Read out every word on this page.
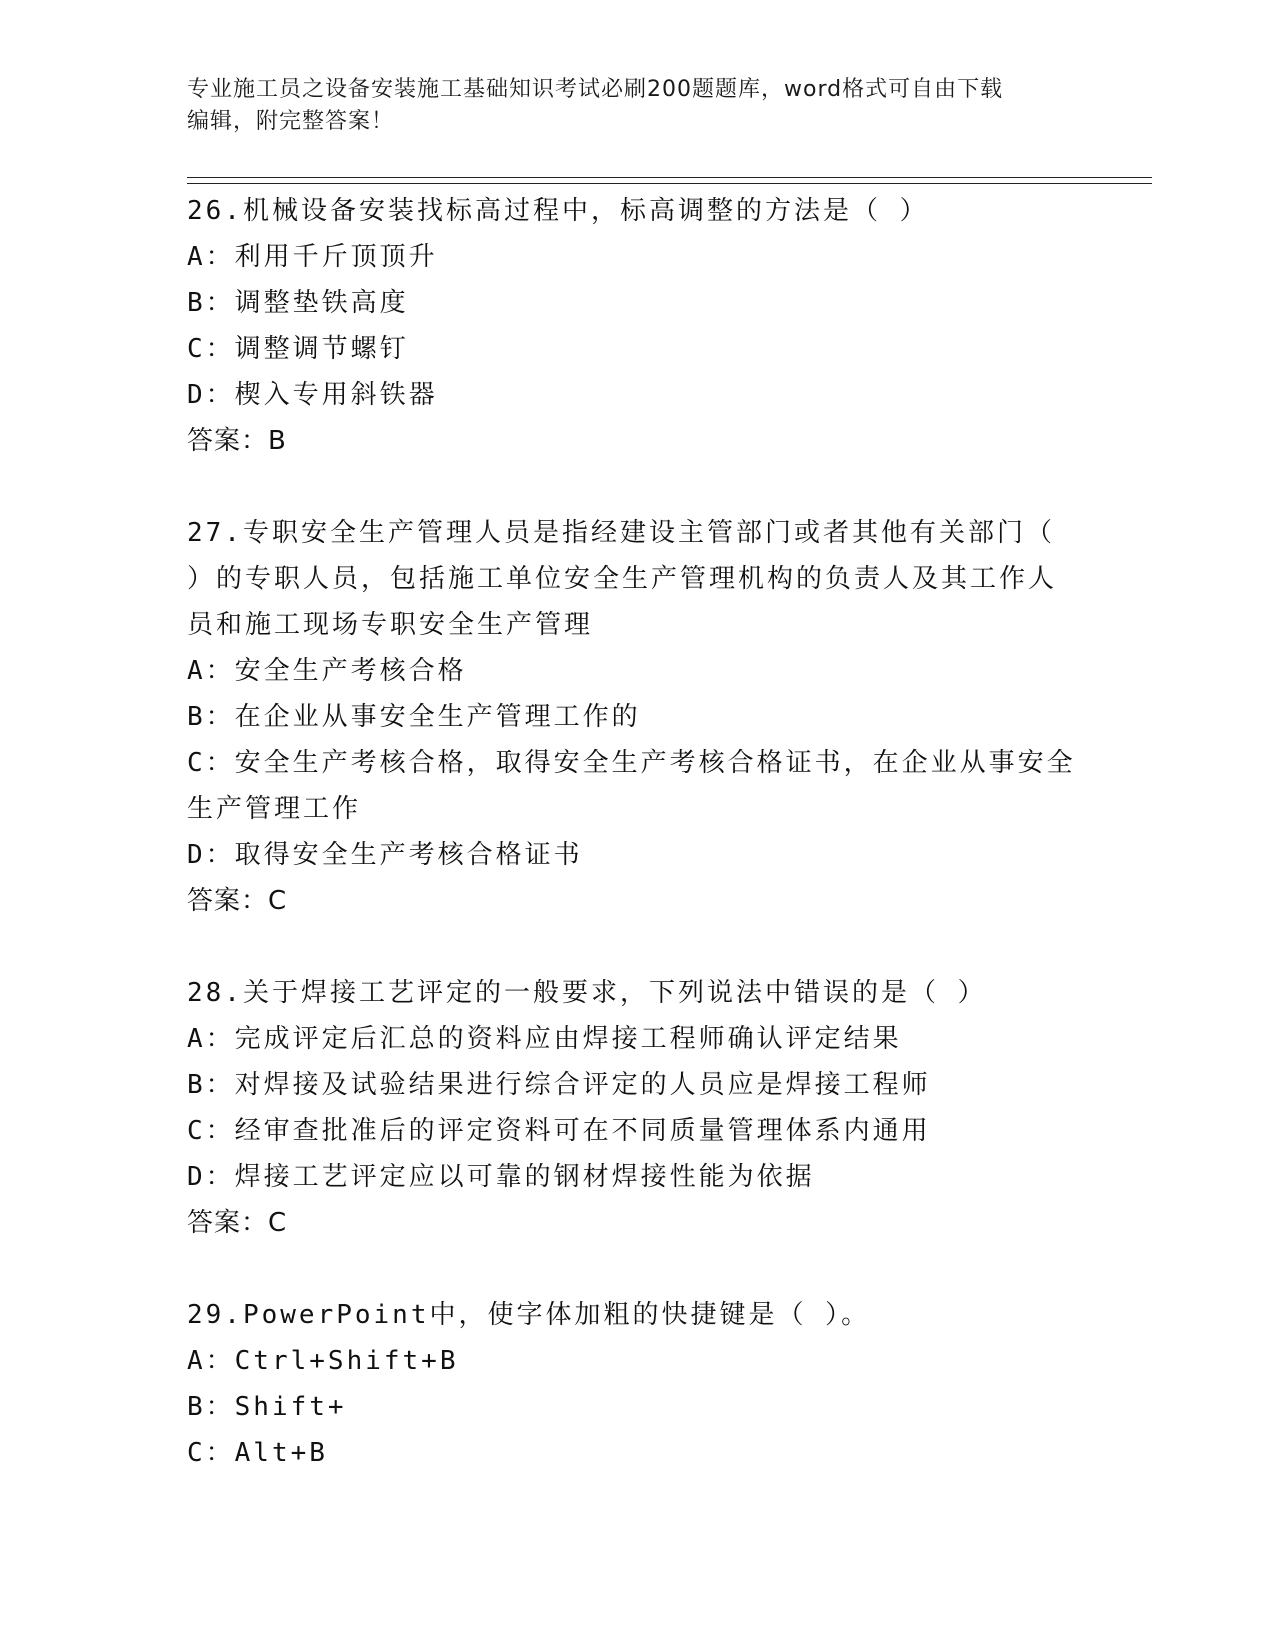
专业施工员之设备安装施工基础知识考试必刷200题题库，word格式可自由下载
编辑，附完整答案！
26.机械设备安装找标高过程中，标高调整的方法是（ ）
A：利用千斤顶顶升
B：调整垫铁高度
C：调整调节螺钉
D：楔入专用斜铁器
答案：B
27.专职安全生产管理人员是指经建设主管部门或者其他有关部门（
）的专职人员，包括施工单位安全生产管理机构的负责人及其工作人
员和施工现场专职安全生产管理
A：安全生产考核合格
B：在企业从事安全生产管理工作的
C：安全生产考核合格，取得安全生产考核合格证书，在企业从事安全
生产管理工作
D：取得安全生产考核合格证书
答案：C
28.关于焊接工艺评定的一般要求，下列说法中错误的是（ ）
A：完成评定后汇总的资料应由焊接工程师确认评定结果
B：对焊接及试验结果进行综合评定的人员应是焊接工程师
C：经审查批准后的评定资料可在不同质量管理体系内通用
D：焊接工艺评定应以可靠的钢材焊接性能为依据
答案：C
29.PowerPoint中，使字体加粗的快捷键是（ ）。
A：Ctrl+Shift+B
B：Shift+
C：Alt+B
